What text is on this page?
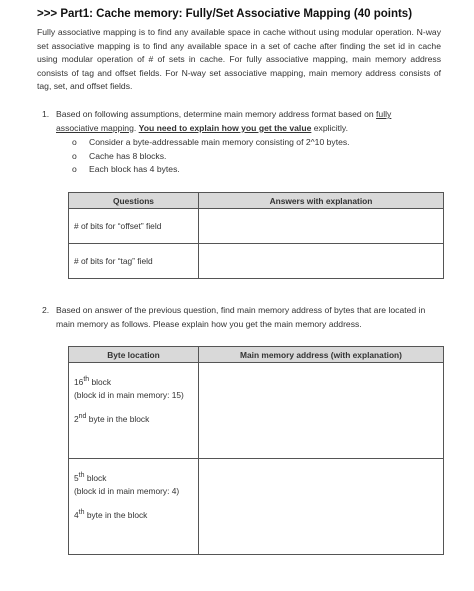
>>> Part1: Cache memory: Fully/Set Associative Mapping (40 points)
Fully associative mapping is to find any available space in cache without using modular operation. N-way set associative mapping is to find any available space in a set of cache after finding the set id in cache using modular operation of # of sets in cache. For fully associative mapping, main memory address consists of tag and offset fields. For N-way set associative mapping, main memory address consists of tag, set, and offset fields.
1. Based on following assumptions, determine main memory address format based on fully associative mapping. You need to explain how you get the value explicitly.
o Consider a byte-addressable main memory consisting of 2^10 bytes.
o Cache has 8 blocks.
o Each block has 4 bytes.
Questions	Answers with explanation
# of bits for “offset” field	
# of bits for “tag” field	
2. Based on answer of the previous question, find main memory address of bytes that are located in main memory as follows. Please explain how you get the main memory address.
Byte location	Main memory address (with explanation)

16th block
(block id in main memory: 15)
2nd byte in the block	

5th block
(block id in main memory: 4)
4th byte in the block	
